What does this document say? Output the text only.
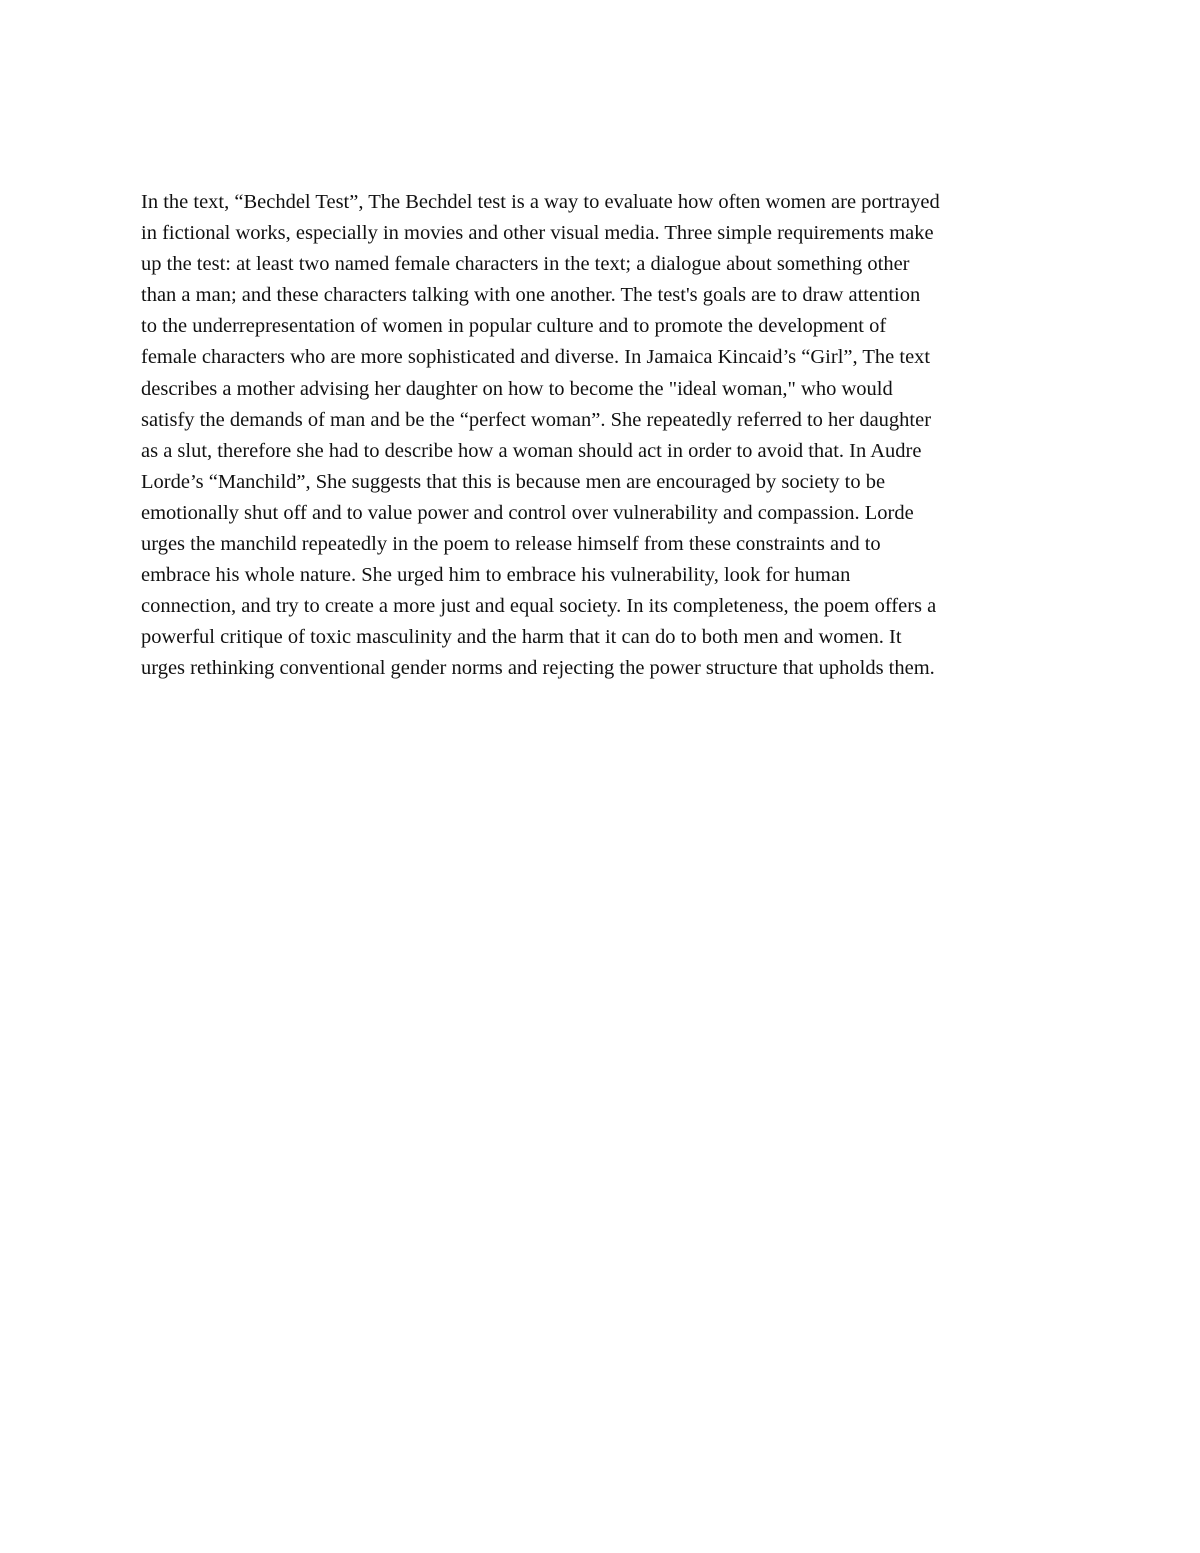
In the text, “Bechdel Test”, The Bechdel test is a way to evaluate how often women are portrayed
in fictional works, especially in movies and other visual media. Three simple requirements make
up the test: at least two named female characters in the text; a dialogue about something other
than a man; and these characters talking with one another. The test's goals are to draw attention
to the underrepresentation of women in popular culture and to promote the development of
female characters who are more sophisticated and diverse. In Jamaica Kincaid’s “Girl”, The text
describes a mother advising her daughter on how to become the "ideal woman," who would
satisfy the demands of man and be the “perfect woman”. She repeatedly referred to her daughter
as a slut, therefore she had to describe how a woman should act in order to avoid that. In Audre
Lorde’s “Manchild”, She suggests that this is because men are encouraged by society to be
emotionally shut off and to value power and control over vulnerability and compassion. Lorde
urges the manchild repeatedly in the poem to release himself from these constraints and to
embrace his whole nature. She urged him to embrace his vulnerability, look for human
connection, and try to create a more just and equal society. In its completeness, the poem offers a
powerful critique of toxic masculinity and the harm that it can do to both men and women. It
urges rethinking conventional gender norms and rejecting the power structure that upholds them.
